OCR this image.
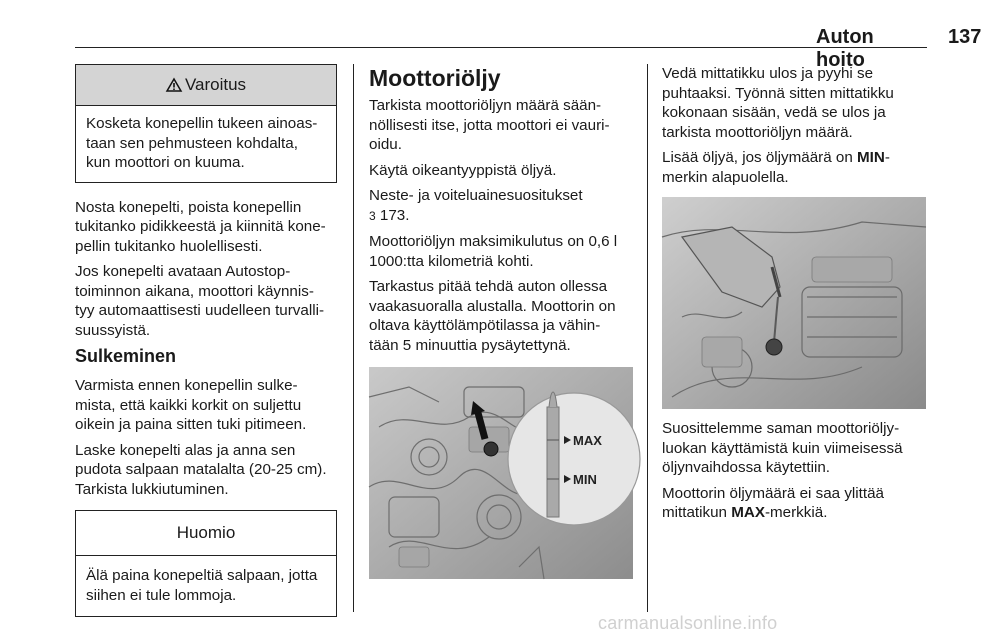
Auton hoito
137
Varoitus
Kosketa konepellin tukeen ainoas-
taan sen pehmusteen kohdalta,
kun moottori on kuuma.

Nosta konepelti, poista konepellin
tukitanko pidikkeestä ja kiinnitä kone-
pellin tukitanko huolellisesti.

Jos konepelti avataan Autostop-
toiminnon aikana, moottori käynnis-
tyy automaattisesti uudelleen turvalli-
suussyistä.

Sulkeminen

Varmista ennen konepellin sulke-
mista, että kaikki korkit on suljettu
oikein ja paina sitten tuki pitimeen.

Laske konepelti alas ja anna sen
pudota salpaan matalalta (20-25 cm).
Tarkista lukkiutuminen.

Huomio
Älä paina konepeltiä salpaan, jotta
siihen ei tule lommoja.
Moottoriöljy

Tarkista moottoriöljyn määrä sään-
nöllisesti itse, jotta moottori ei vauri-
oidu.

Käytä oikeantyyppistä öljyä.

Neste- ja voiteluainesuositukset
3 173.

Moottoriöljyn maksimikulutus on 0,6 l
1000:tta kilometriä kohti.

Tarkastus pitää tehdä auton ollessa
vaakasuoralla alustalla. Moottorin on
oltava käyttölämpötilassa ja vähin-
tään 5 minuuttia pysäytettynä.

MAX
MIN

Vedä mittatikku ulos ja pyyhi se
puhtaaksi. Työnnä sitten mittatikku
kokonaan sisään, vedä se ulos ja
tarkista moottoriöljyn määrä.

Lisää öljyä, jos öljymäärä on MIN-
merkin alapuolella.

Suosittelemme saman moottoriöljy-
luokan käyttämistä kuin viimeisessä
öljynvaihdossa käytettiin.

Moottorin öljymäärä ei saa ylittää
mittatikun MAX-merkkiä.

carmanualsonline.info
